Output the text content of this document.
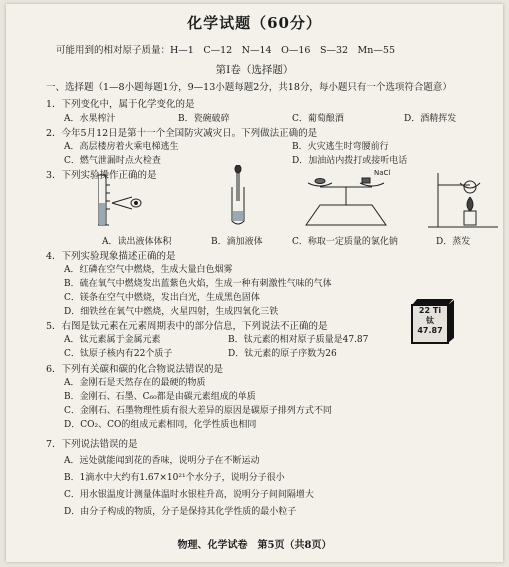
化学试题（60分）
可能用到的相对原子质量：H—1　C—12　N—14　O—16　S—32　Mn—55
第Ⅰ卷（选择题）
一、选择题（1—8小题每题1分，9—13小题每题2分，共18分，每小题只有一个选项符合题意）
1．下列变化中，属于化学变化的是
A．水果榨汁	B．瓷碗破碎	C．葡萄酿酒	D．酒精挥发
2．今年5月12日是第十一个全国防灾减灾日。下列做法正确的是
A．高层楼房着火乘电梯逃生	B．火灾逃生时弯腰前行
C．燃气泄漏时点火检查	D．加油站内拨打或接听电话
3．下列实验操作正确的是	NaCl
A．读出液体体积	B．滴加液体	C．称取一定质量的氯化钠	D．蒸发
4．下列实验现象描述正确的是
A．红磷在空气中燃烧，生成大量白色烟雾
B．硫在氧气中燃烧发出蓝紫色火焰，生成一种有刺激性气味的气体
C．镁条在空气中燃烧，发出白光，生成黑色固体
D．细铁丝在氧气中燃烧，火星四射，生成四氧化三铁
5．右图是钛元素在元素周期表中的部分信息，下列说法不正确的是
A．钛元素属于金属元素	B．钛元素的相对原子质量是47.87
C．钛原子核内有22个质子	D．钛元素的原子序数为26
22 Ti
钛
47.87
6．下列有关碳和碳的化合物说法错误的是
A．金刚石是天然存在的最硬的物质
B．金刚石、石墨、C₆₀都是由碳元素组成的单质
C．金刚石、石墨物理性质有很大差异的原因是碳原子排列方式不同
D．CO₂、CO的组成元素相同，化学性质也相同
7．下列说法错误的是
A．远处就能闻到花的香味，说明分子在不断运动
B．1滴水中大约有1.67×10²¹个水分子，说明分子很小
C．用水银温度计测量体温时水银柱升高，说明分子间间隔增大
D．由分子构成的物质，分子是保持其化学性质的最小粒子
物理、化学试卷　第5页（共8页）
